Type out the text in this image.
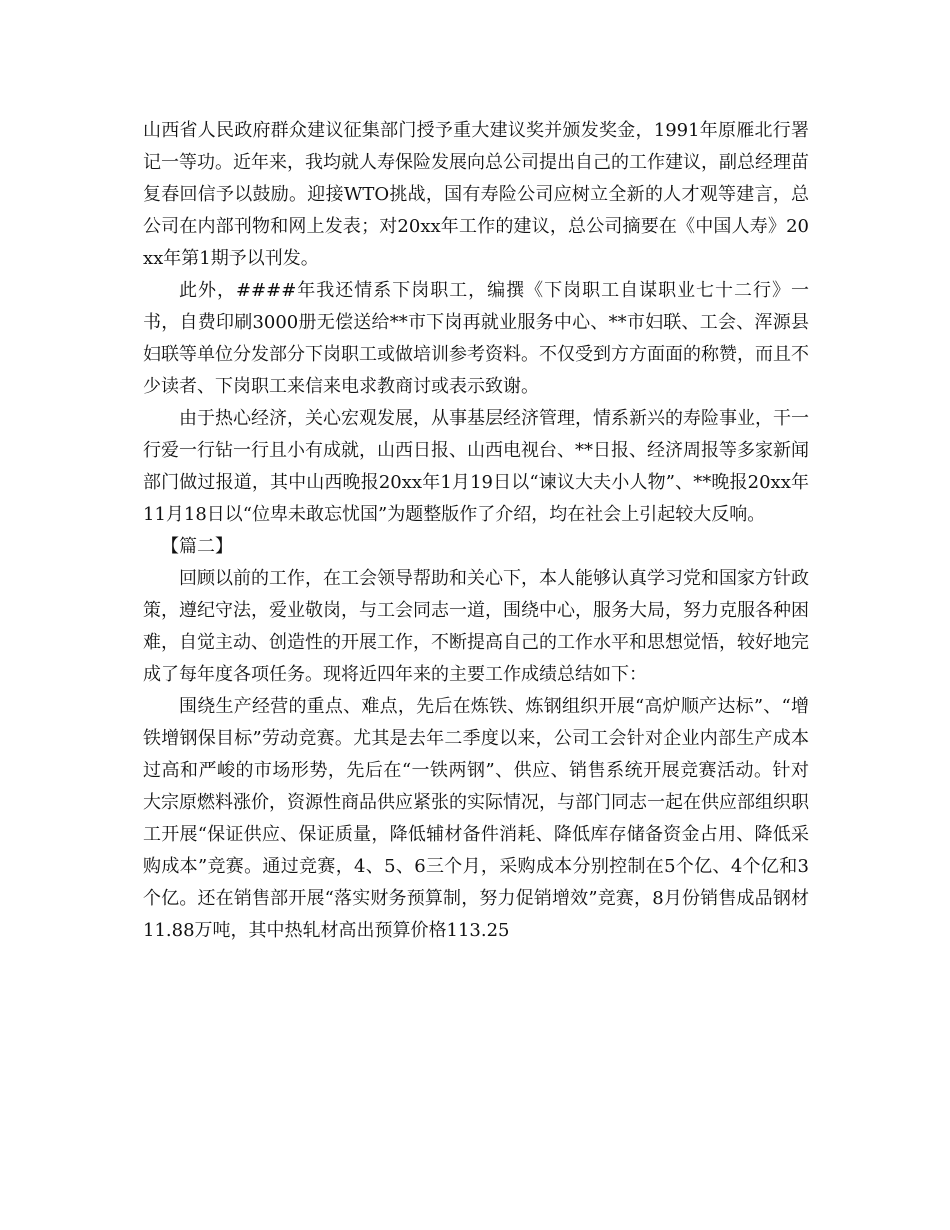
山西省人民政府群众建议征集部门授予重大建议奖并颁发奖金，1991年原雁北行署记一等功。近年来，我均就人寿保险发展向总公司提出自己的工作建议，副总经理苗复春回信予以鼓励。迎接WTO挑战，国有寿险公司应树立全新的人才观等建言，总公司在内部刊物和网上发表；对20xx年工作的建议，总公司摘要在《中国人寿》20xx年第1期予以刊发。

此外，####年我还情系下岗职工，编撰《下岗职工自谋职业七十二行》一书，自费印刷3000册无偿送给**市下岗再就业服务中心、**市妇联、工会、浑源县妇联等单位分发部分下岗职工或做培训参考资料。不仅受到方方面面的称赞，而且不少读者、下岗职工来信来电求教商讨或表示致谢。

由于热心经济，关心宏观发展，从事基层经济管理，情系新兴的寿险事业，干一行爱一行钻一行且小有成就，山西日报、山西电视台、**日报、经济周报等多家新闻部门做过报道，其中山西晚报20xx年1月19日以“谏议大夫小人物”、**晚报20xx年11月18日以“位卑未敢忘忧国”为题整版作了介绍，均在社会上引起较大反响。

【篇二】

回顾以前的工作，在工会领导帮助和关心下，本人能够认真学习党和国家方针政策，遵纪守法，爱业敬岗，与工会同志一道，围绕中心，服务大局，努力克服各种困难，自觉主动、创造性的开展工作，不断提高自己的工作水平和思想觉悟，较好地完成了每年度各项任务。现将近四年来的主要工作成绩总结如下：

围绕生产经营的重点、难点，先后在炼铁、炼钢组织开展“高炉顺产达标”、“增铁增钢保目标”劳动竞赛。尤其是去年二季度以来，公司工会针对企业内部生产成本过高和严峻的市场形势，先后在“一铁两钢”、供应、销售系统开展竞赛活动。针对大宗原燃料涨价，资源性商品供应紧张的实际情况，与部门同志一起在供应部组织职工开展“保证供应、保证质量，降低辅材备件消耗、降低库存储备资金占用、降低采购成本”竞赛。通过竞赛，4、5、6三个月，采购成本分别控制在5个亿、4个亿和3个亿。还在销售部开展“落实财务预算制，努力促销增效”竞赛，8月份销售成品钢材11.88万吨，其中热轧材高出预算价格113.25
